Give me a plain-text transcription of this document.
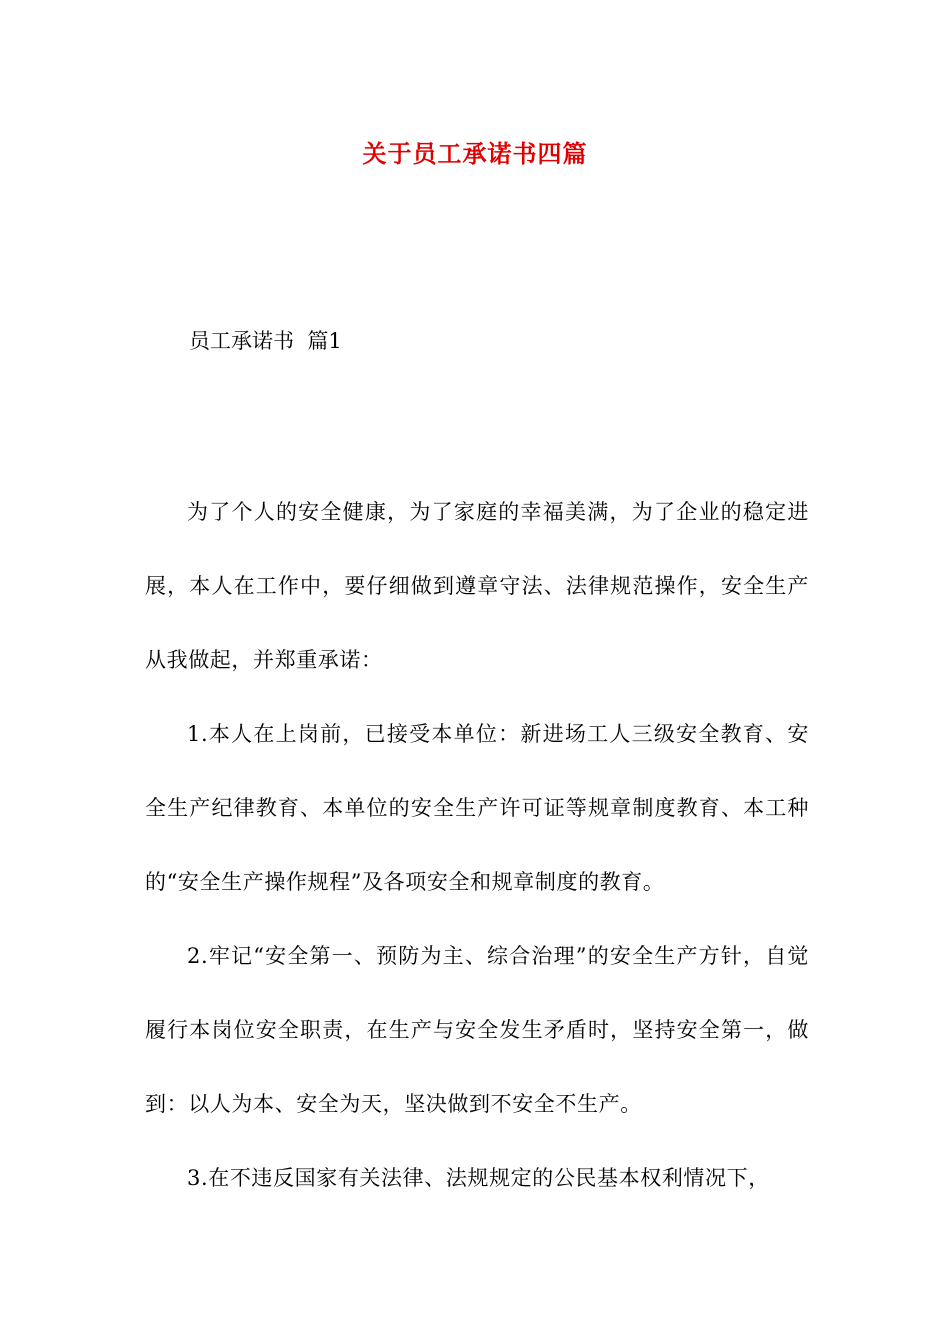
关于员工承诺书四篇
员工承诺书  篇1

为了个人的安全健康，为了家庭的幸福美满，为了企业的稳定进展，本人在工作中，要仔细做到遵章守法、法律规范操作，安全生产从我做起，并郑重承诺：

1.本人在上岗前，已接受本单位：新进场工人三级安全教育、安全生产纪律教育、本单位的安全生产许可证等规章制度教育、本工种的“安全生产操作规程”及各项安全和规章制度的教育。

2.牢记“安全第一、预防为主、综合治理”的安全生产方针，自觉履行本岗位安全职责，在生产与安全发生矛盾时，坚持安全第一，做到：以人为本、安全为天，坚决做到不安全不生产。

3.在不违反国家有关法律、法规规定的公民基本权利情况下，
